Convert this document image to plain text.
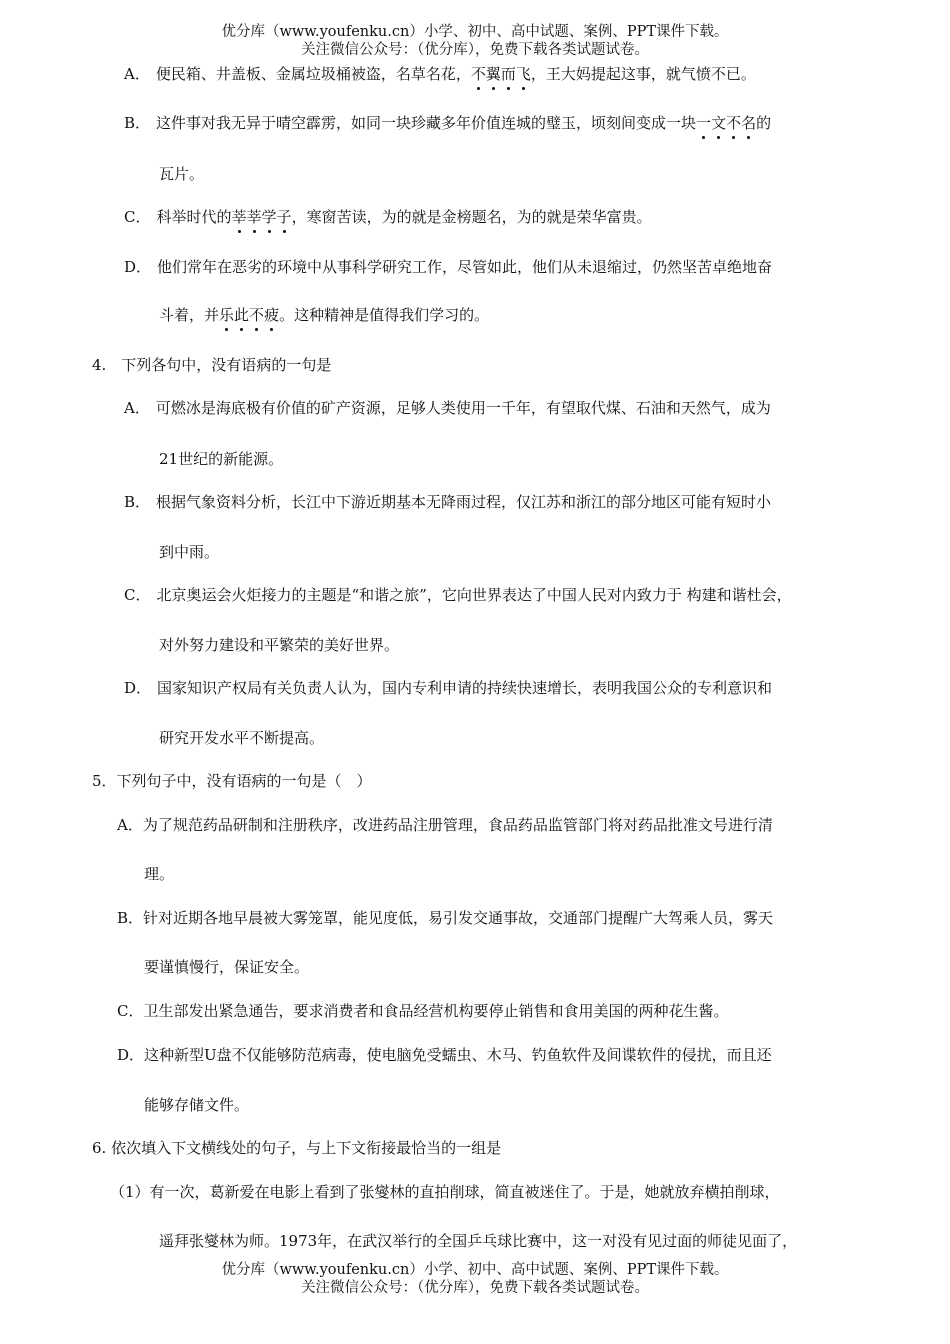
优分库（www.youfenku.cn）小学、初中、高中试题、案例、PPT课件下载。
关注微信公众号：（优分库），免费下载各类试题试卷。
A． 便民箱、井盖板、金属垃圾桶被盗，名草名花，不翼而飞，王大妈提起这事，就气愤不已。
B． 这件事对我无异于晴空霹雳，如同一块珍藏多年价值连城的璧玉，顷刻间变成一块一文不名的
瓦片。
C． 科举时代的莘莘学子，寒窗苦读，为的就是金榜题名，为的就是荣华富贵。
D． 他们常年在恶劣的环境中从事科学研究工作，尽管如此，他们从未退缩过，仍然坚苦卓绝地奋
斗着，并乐此不疲。这种精神是值得我们学习的。
4.　下列各句中，没有语病的一句是
A． 可燃冰是海底极有价值的矿产资源，足够人类使用一千年，有望取代煤、石油和天然气，成为
21世纪的新能源。
B． 根据气象资料分析，长江中下游近期基本无降雨过程，仅江苏和浙江的部分地区可能有短时小
到中雨。
C． 北京奥运会火炬接力的主题是“和谐之旅”，它向世界表达了中国人民对内致力于 构建和谐杜会，
对外努力建设和平繁荣的美好世界。
D． 国家知识产权局有关负责人认为，国内专利申请的持续快速增长，表明我国公众的专利意识和
研究开发水平不断提高。
5．下列句子中，没有语病的一句是（　）
A．为了规范药品研制和注册秩序，改进药品注册管理，食品药品监管部门将对药品批准文号进行清
理。
B．针对近期各地早晨被大雾笼罩，能见度低，易引发交通事故，交通部门提醒广大驾乘人员，雾天
要谨慎慢行，保证安全。
C．卫生部发出紧急通告，要求消费者和食品经营机构要停止销售和食用美国的两种花生酱。
D．这种新型U盘不仅能够防范病毒，使电脑免受蠕虫、木马、钓鱼软件及间谍软件的侵扰，而且还
能够存储文件。
6. 依次填入下文横线处的句子，与上下文衔接最恰当的一组是
（1）有一次，葛新爱在电影上看到了张燮林的直拍削球，简直被迷住了。于是，她就放弃横拍削球，
遥拜张燮林为师。1973年，在武汉举行的全国乒乓球比赛中，这一对没有见过面的师徒见面了，
优分库（www.youfenku.cn）小学、初中、高中试题、案例、PPT课件下载。
关注微信公众号：（优分库），免费下载各类试题试卷。
